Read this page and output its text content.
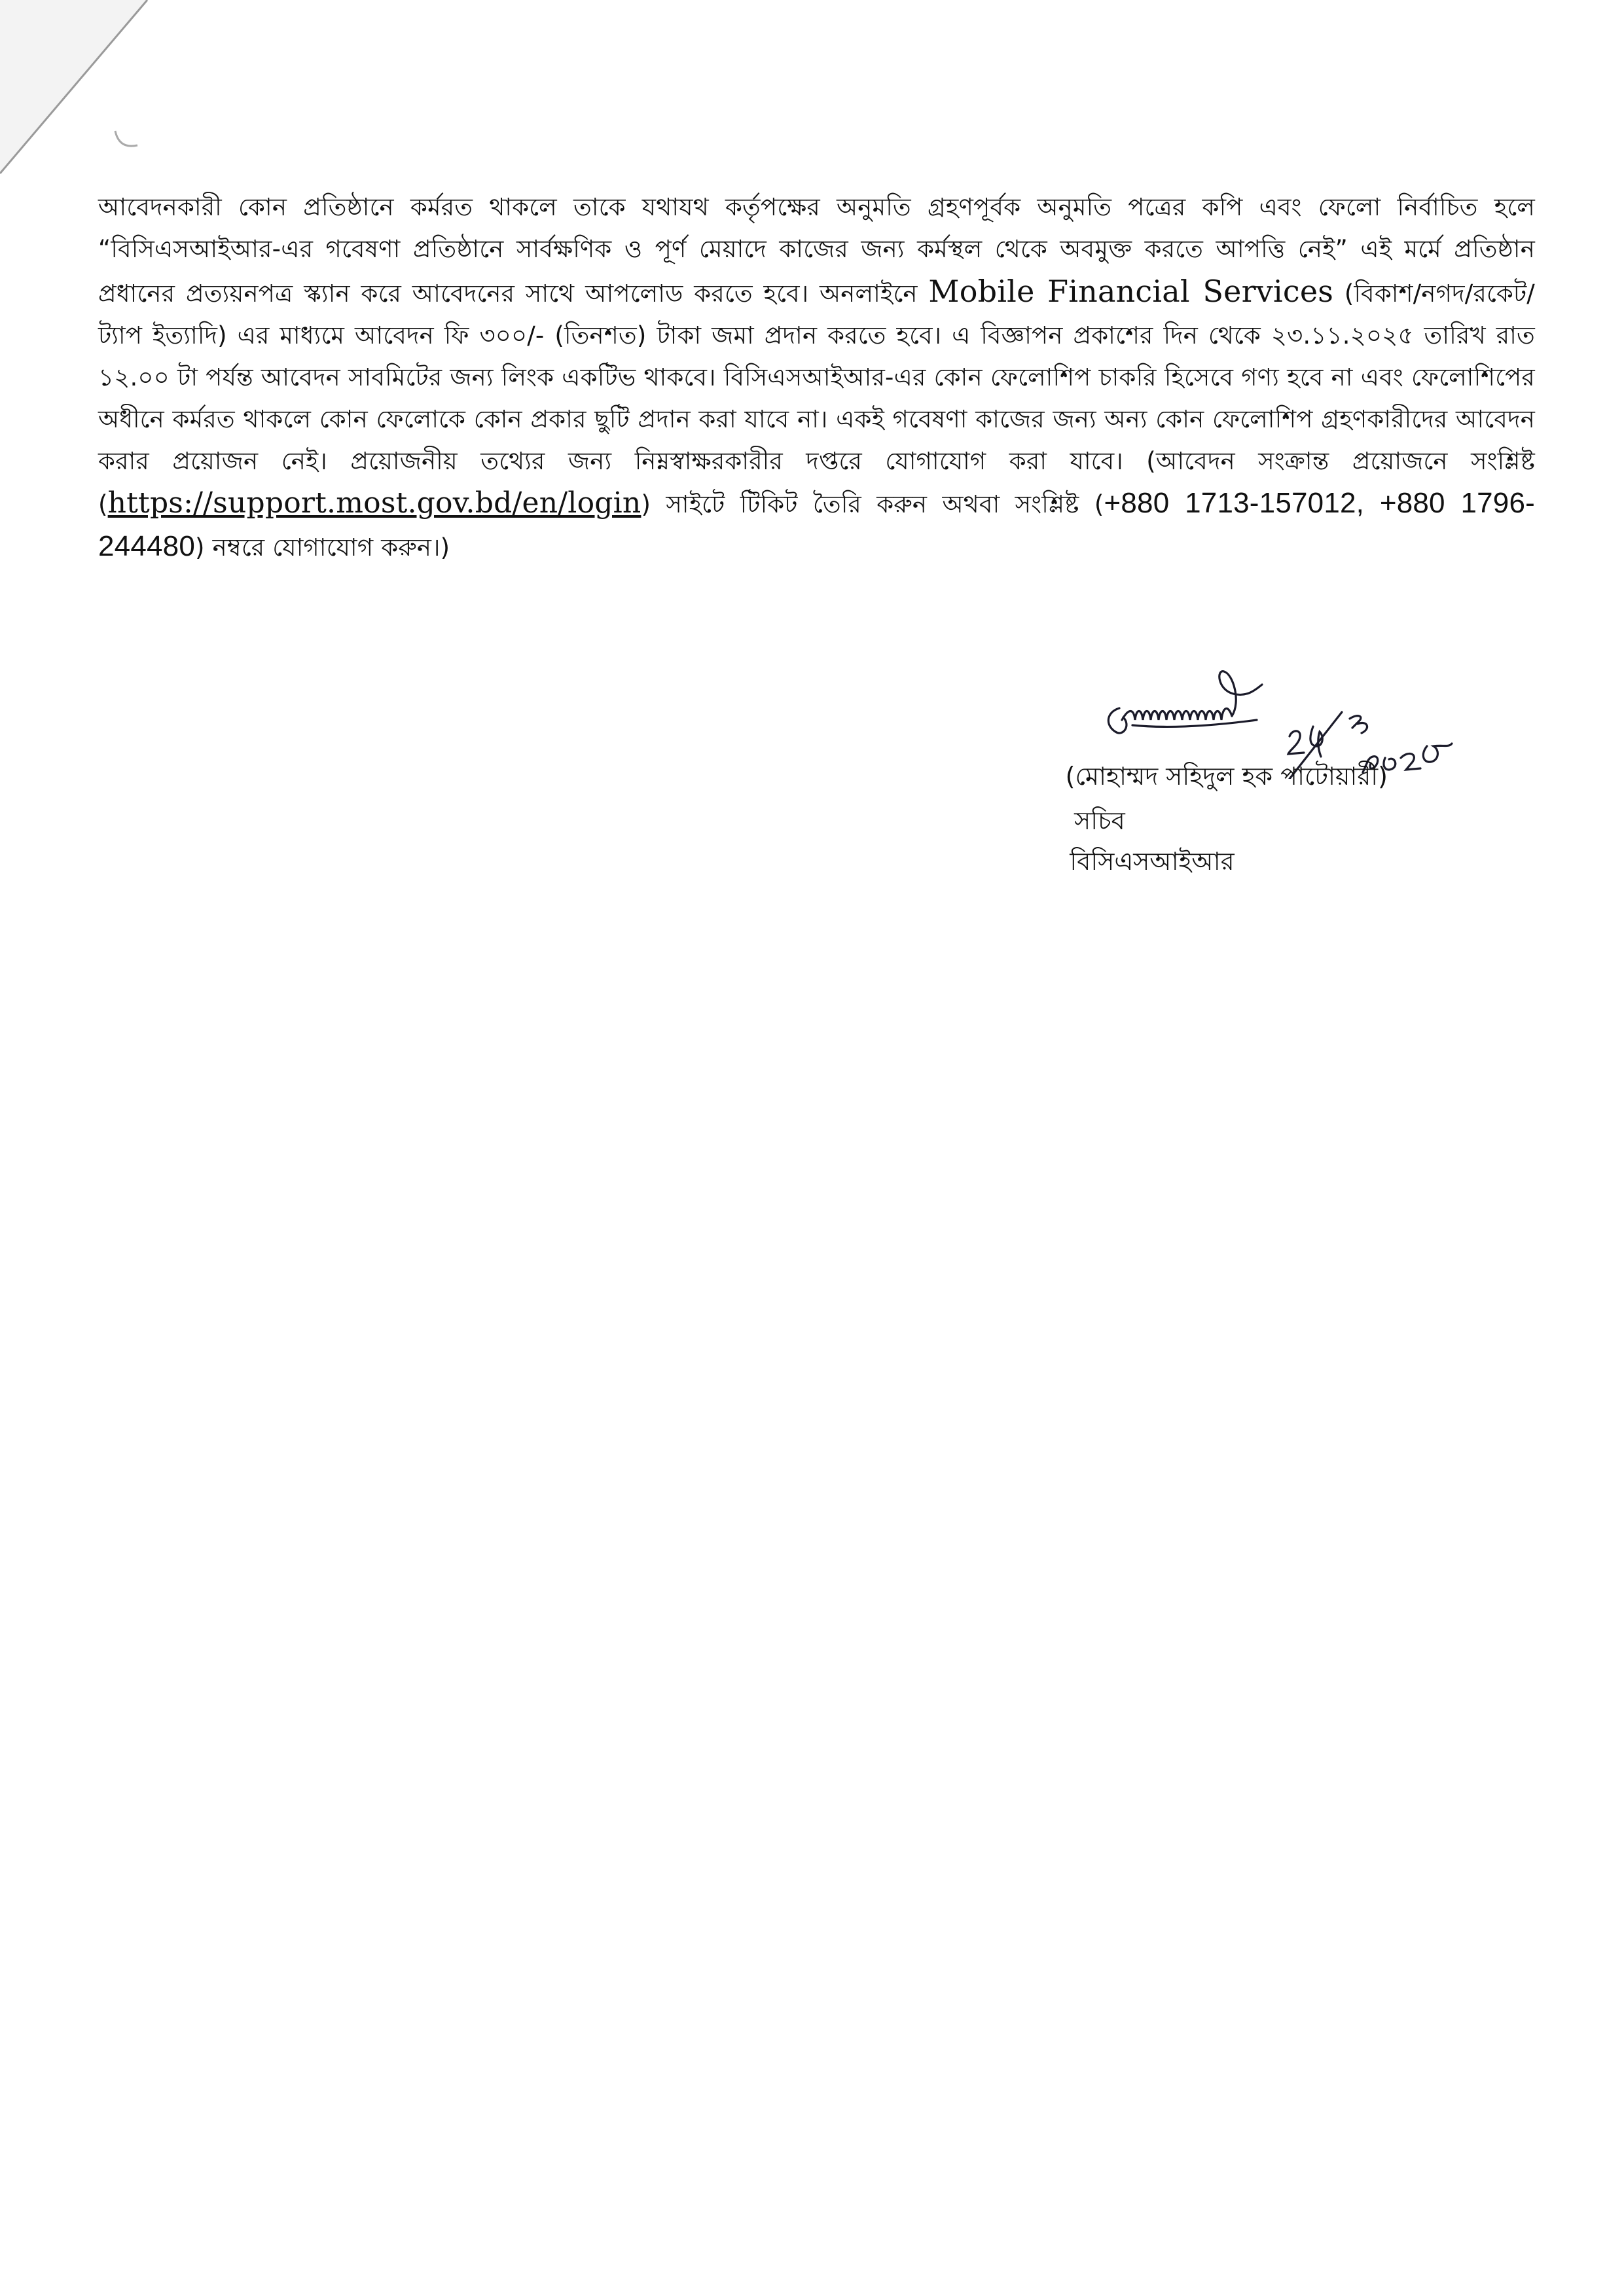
আবেদনকারী কোন প্রতিষ্ঠানে কর্মরত থাকলে তাকে যথাযথ কর্তৃপক্ষের অনুমতি গ্রহণপূর্বক অনুমতি পত্রের কপি এবং ফেলো নির্বাচিত হলে “বিসিএসআইআর-এর গবেষণা প্রতিষ্ঠানে সার্বক্ষণিক ও পূর্ণ মেয়াদে কাজের জন্য কর্মস্থল থেকে অবমুক্ত করতে আপত্তি নেই” এই মর্মে প্রতিষ্ঠান প্রধানের প্রত্যয়নপত্র স্ক্যান করে আবেদনের সাথে আপলোড করতে হবে। অনলাইনে Mobile Financial Services (বিকাশ/নগদ/রকেট/ট্যাপ ইত্যাদি) এর মাধ্যমে আবেদন ফি ৩০০/- (তিনশত) টাকা জমা প্রদান করতে হবে। এ বিজ্ঞাপন প্রকাশের দিন থেকে ২৩.১১.২০২৫ তারিখ রাত ১২.০০ টা পর্যন্ত আবেদন সাবমিটের জন্য লিংক একটিভ থাকবে। বিসিএসআইআর-এর কোন ফেলোশিপ চাকরি হিসেবে গণ্য হবে না এবং ফেলোশিপের অধীনে কর্মরত থাকলে কোন ফেলোকে কোন প্রকার ছুটি প্রদান করা যাবে না। একই গবেষণা কাজের জন্য অন্য কোন ফেলোশিপ গ্রহণকারীদের আবেদন করার প্রয়োজন নেই। প্রয়োজনীয় তথ্যের জন্য নিম্নস্বাক্ষরকারীর দপ্তরে যোগাযোগ করা যাবে। (আবেদন সংক্রান্ত প্রয়োজনে সংশ্লিষ্ট (https://support.most.gov.bd/en/login) সাইটে টিকিট তৈরি করুন অথবা সংশ্লিষ্ট (+880 1713-157012, +880 1796-244480) নম্বরে যোগাযোগ করুন।)

(মোহাম্মদ সহিদুল হক পাটোয়ারী)

সচিব

বিসিএসআইআর
